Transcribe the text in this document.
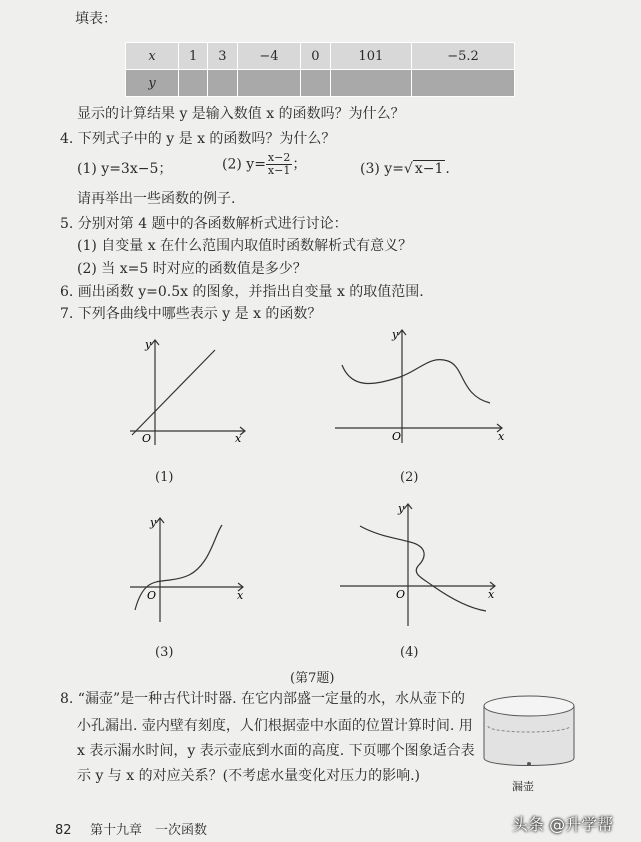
填表：
x	1	3	−4	0	101	−5.2
y						
显示的计算结果 y 是输入数值 x 的函数吗？为什么？
4. 下列式子中的 y 是 x 的函数吗？为什么？
(1) y=3x−5；	(2) $y= \frac{x-2}{x-1}$ ；	(3) y=√ x−1 .
请再举出一些函数的例子.
5. 分别对第 4 题中的各函数解析式进行讨论：
(1) 自变量 x 在什么范围内取值时函数解析式有意义？
(2) 当 x=5 时对应的函数值是多少？
6. 画出函数 y=0.5x 的图象，并指出自变量 x 的取值范围.
7. 下列各曲线中哪些表示 y 是 x 的函数？
x
y
O
(1)
x
y
O
(2)
x
y
O
(3)
x
y
O
(4)
(第7题)
8. “漏壶”是一种古代计时器. 在它内部盛一定量的水，水从壶下的
小孔漏出. 壶内壁有刻度，人们根据壶中水面的位置计算时间. 用
x 表示漏水时间，y 表示壶底到水面的高度. 下页哪个图象适合表
示 y 与 x 的对应关系？(不考虑水量变化对压力的影响.)
漏壶
82 第十九章　一次函数	头条 @升学帮
